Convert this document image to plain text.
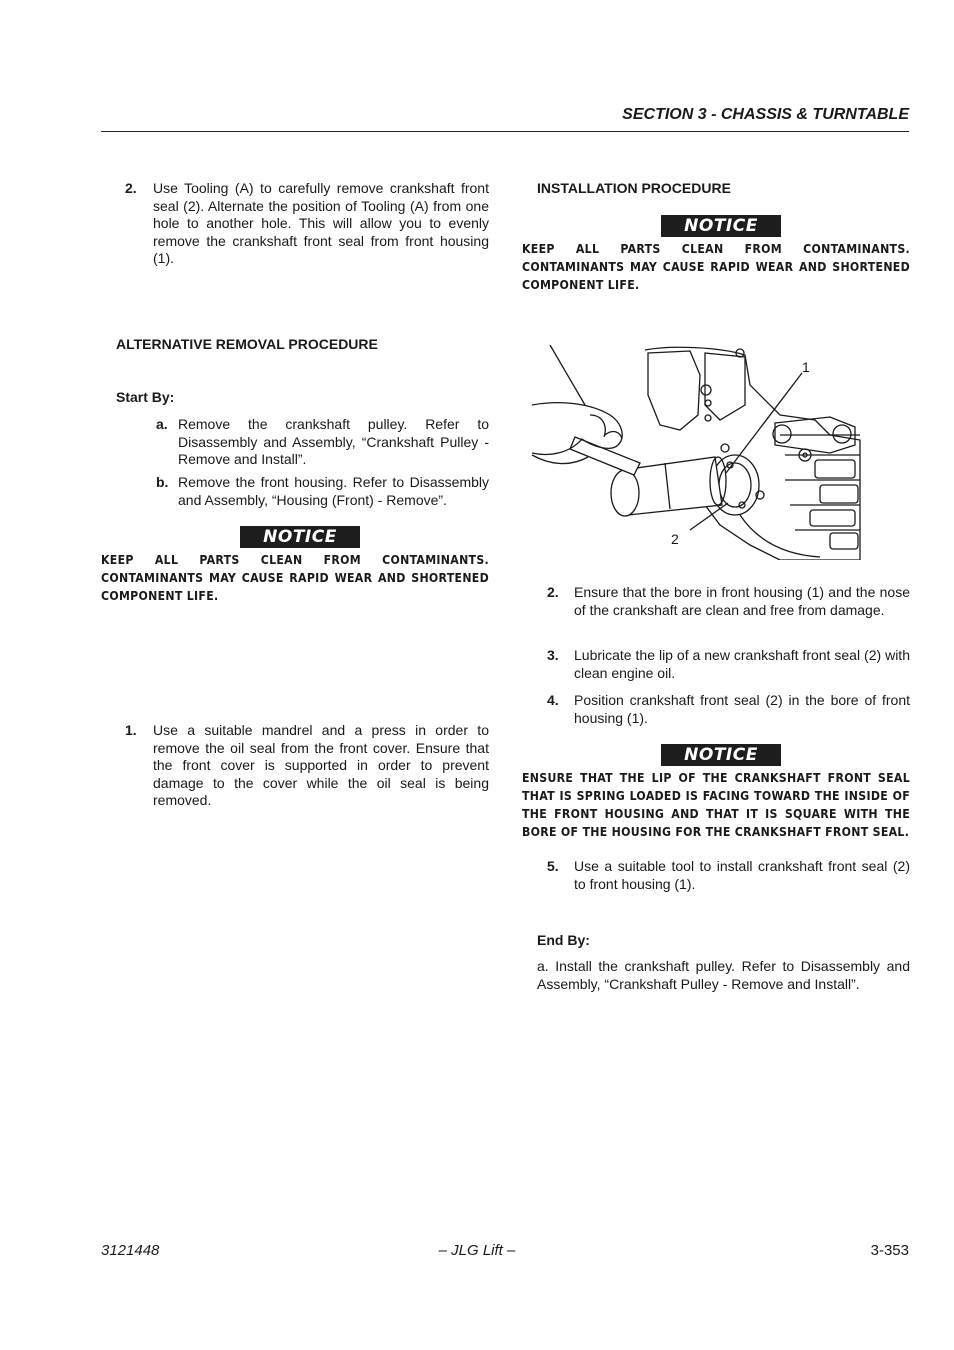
SECTION 3 - CHASSIS & TURNTABLE
2. Use Tooling (A) to carefully remove crankshaft front seal (2). Alternate the position of Tooling (A) from one hole to another hole. This will allow you to evenly remove the crankshaft front seal from front housing (1).
ALTERNATIVE REMOVAL PROCEDURE
Start By:
a. Remove the crankshaft pulley. Refer to Disassembly and Assembly, “Crankshaft Pulley - Remove and Install”.
b. Remove the front housing. Refer to Disassembly and Assembly, “Housing (Front) - Remove”.
NOTICE
KEEP ALL PARTS CLEAN FROM CONTAMINANTS. CONTAMINANTS MAY CAUSE RAPID WEAR AND SHORTENED COMPONENT LIFE.
1. Use a suitable mandrel and a press in order to remove the oil seal from the front cover. Ensure that the front cover is supported in order to prevent damage to the cover while the oil seal is being removed.
INSTALLATION PROCEDURE
NOTICE
KEEP ALL PARTS CLEAN FROM CONTAMINANTS. CONTAMINANTS MAY CAUSE RAPID WEAR AND SHORTENED COMPONENT LIFE.
1
2
2. Ensure that the bore in front housing (1) and the nose of the crankshaft are clean and free from damage.
3. Lubricate the lip of a new crankshaft front seal (2) with clean engine oil.
4. Position crankshaft front seal (2) in the bore of front housing (1).
NOTICE
ENSURE THAT THE LIP OF THE CRANKSHAFT FRONT SEAL THAT IS SPRING LOADED IS FACING TOWARD THE INSIDE OF THE FRONT HOUSING AND THAT IT IS SQUARE WITH THE BORE OF THE HOUSING FOR THE CRANKSHAFT FRONT SEAL.
5. Use a suitable tool to install crankshaft front seal (2) to front housing (1).
End By:
a. Install the crankshaft pulley. Refer to Disassembly and Assembly, “Crankshaft Pulley - Remove and Install”.
3121448	– JLG Lift –	3-353
